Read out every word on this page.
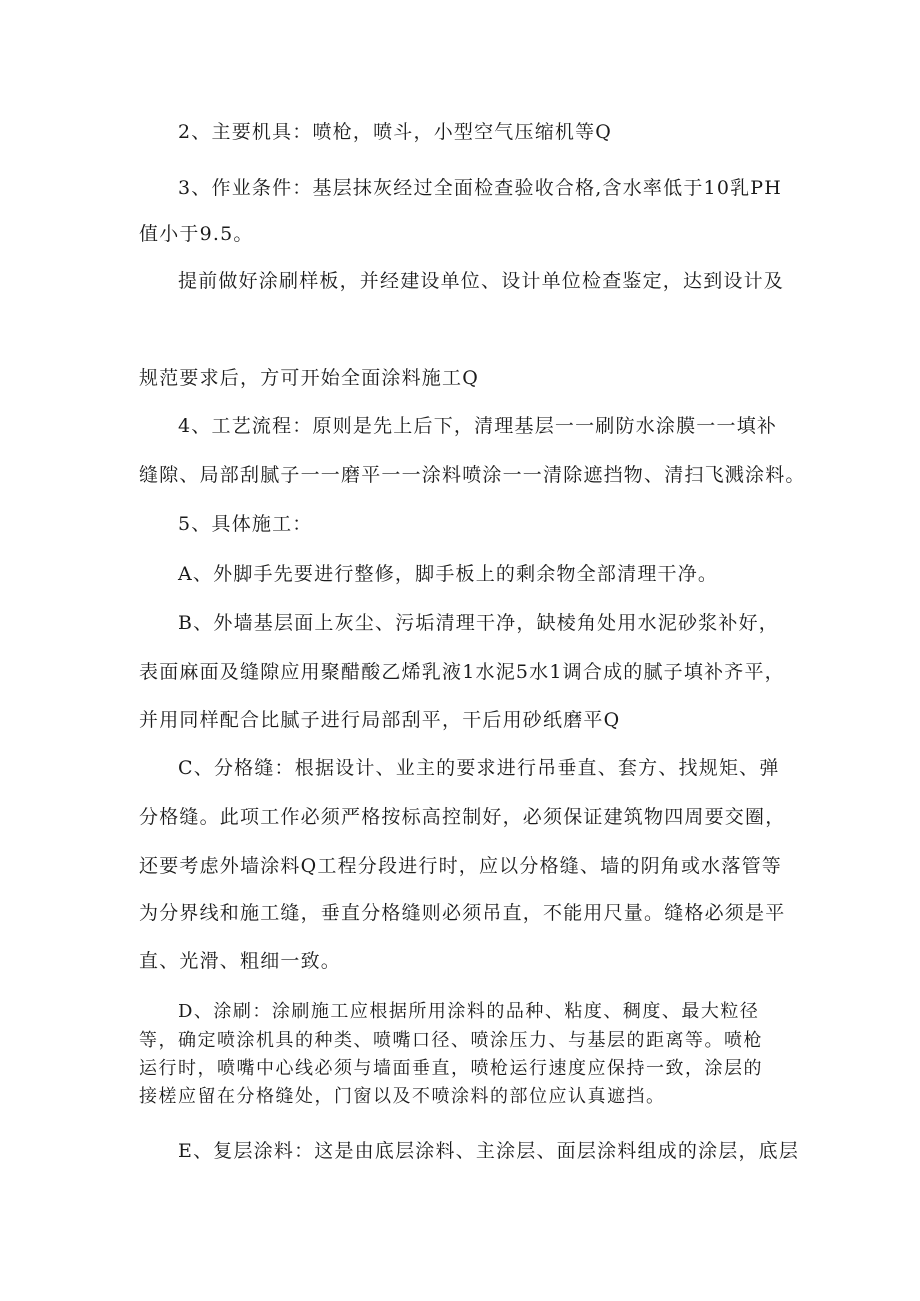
2、主要机具：喷枪，喷斗，小型空气压缩机等Q
3、作业条件：基层抹灰经过全面检查验收合格,含水率低于10乳PH
值小于9.5。
提前做好涂刷样板，并经建设单位、设计单位检查鉴定，达到设计及
规范要求后，方可开始全面涂料施工Q
4、工艺流程：原则是先上后下，清理基层一一刷防水涂膜一一填补
缝隙、局部刮腻子一一磨平一一涂料喷涂一一清除遮挡物、清扫飞溅涂料。
5、具体施工：
A、外脚手先要进行整修，脚手板上的剩余物全部清理干净。
B、外墙基层面上灰尘、污垢清理干净，缺棱角处用水泥砂浆补好，
表面麻面及缝隙应用聚醋酸乙烯乳液1水泥5水1调合成的腻子填补齐平，
并用同样配合比腻子进行局部刮平，干后用砂纸磨平Q
C、分格缝：根据设计、业主的要求进行吊垂直、套方、找规矩、弹
分格缝。此项工作必须严格按标高控制好，必须保证建筑物四周要交圈，
还要考虑外墙涂料Q工程分段进行时，应以分格缝、墙的阴角或水落管等
为分界线和施工缝，垂直分格缝则必须吊直，不能用尺量。缝格必须是平
直、光滑、粗细一致。
D、涂刷：涂刷施工应根据所用涂料的品种、粘度、稠度、最大粒径
等，确定喷涂机具的种类、喷嘴口径、喷涂压力、与基层的距离等。喷枪
运行时，喷嘴中心线必须与墙面垂直，喷枪运行速度应保持一致，涂层的
接槎应留在分格缝处，门窗以及不喷涂料的部位应认真遮挡。
E、复层涂料：这是由底层涂料、主涂层、面层涂料组成的涂层，底层
